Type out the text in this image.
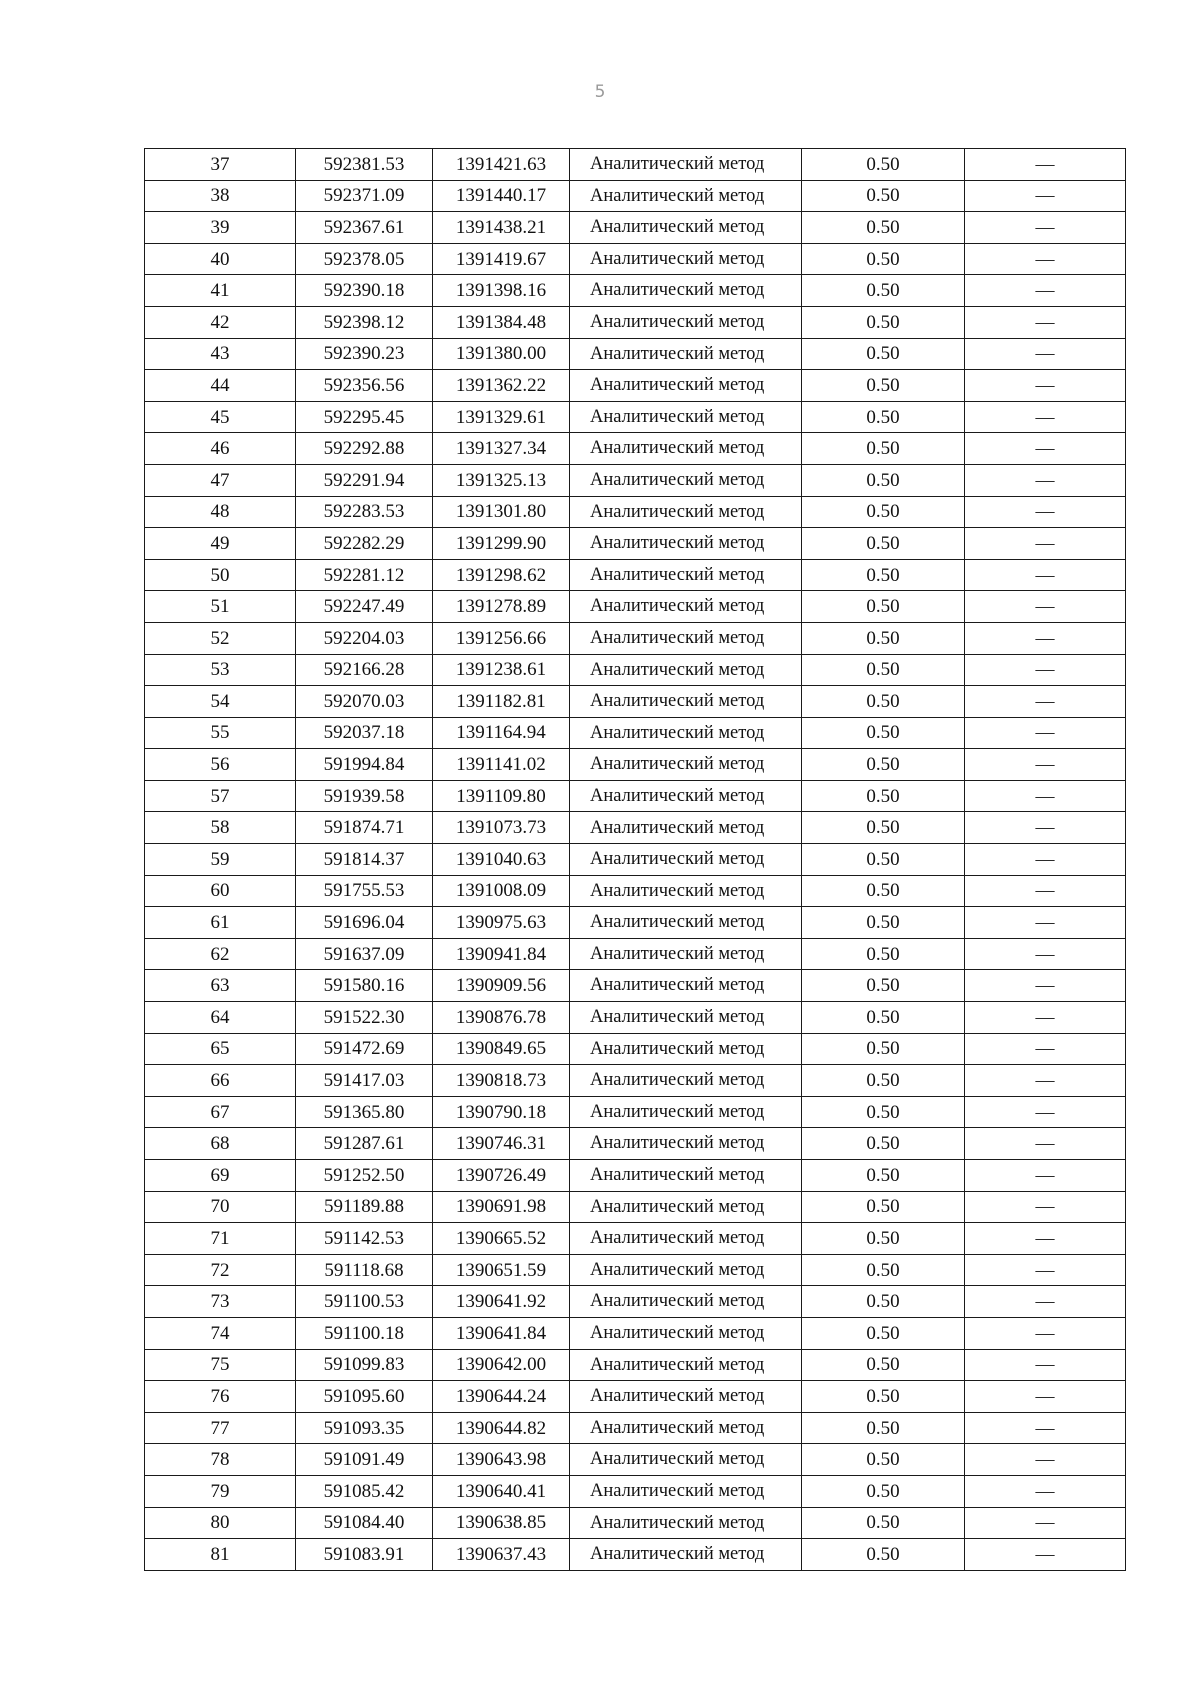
5
37	592381.53	1391421.63	Аналитический метод	0.50	—
38	592371.09	1391440.17	Аналитический метод	0.50	—
39	592367.61	1391438.21	Аналитический метод	0.50	—
40	592378.05	1391419.67	Аналитический метод	0.50	—
41	592390.18	1391398.16	Аналитический метод	0.50	—
42	592398.12	1391384.48	Аналитический метод	0.50	—
43	592390.23	1391380.00	Аналитический метод	0.50	—
44	592356.56	1391362.22	Аналитический метод	0.50	—
45	592295.45	1391329.61	Аналитический метод	0.50	—
46	592292.88	1391327.34	Аналитический метод	0.50	—
47	592291.94	1391325.13	Аналитический метод	0.50	—
48	592283.53	1391301.80	Аналитический метод	0.50	—
49	592282.29	1391299.90	Аналитический метод	0.50	—
50	592281.12	1391298.62	Аналитический метод	0.50	—
51	592247.49	1391278.89	Аналитический метод	0.50	—
52	592204.03	1391256.66	Аналитический метод	0.50	—
53	592166.28	1391238.61	Аналитический метод	0.50	—
54	592070.03	1391182.81	Аналитический метод	0.50	—
55	592037.18	1391164.94	Аналитический метод	0.50	—
56	591994.84	1391141.02	Аналитический метод	0.50	—
57	591939.58	1391109.80	Аналитический метод	0.50	—
58	591874.71	1391073.73	Аналитический метод	0.50	—
59	591814.37	1391040.63	Аналитический метод	0.50	—
60	591755.53	1391008.09	Аналитический метод	0.50	—
61	591696.04	1390975.63	Аналитический метод	0.50	—
62	591637.09	1390941.84	Аналитический метод	0.50	—
63	591580.16	1390909.56	Аналитический метод	0.50	—
64	591522.30	1390876.78	Аналитический метод	0.50	—
65	591472.69	1390849.65	Аналитический метод	0.50	—
66	591417.03	1390818.73	Аналитический метод	0.50	—
67	591365.80	1390790.18	Аналитический метод	0.50	—
68	591287.61	1390746.31	Аналитический метод	0.50	—
69	591252.50	1390726.49	Аналитический метод	0.50	—
70	591189.88	1390691.98	Аналитический метод	0.50	—
71	591142.53	1390665.52	Аналитический метод	0.50	—
72	591118.68	1390651.59	Аналитический метод	0.50	—
73	591100.53	1390641.92	Аналитический метод	0.50	—
74	591100.18	1390641.84	Аналитический метод	0.50	—
75	591099.83	1390642.00	Аналитический метод	0.50	—
76	591095.60	1390644.24	Аналитический метод	0.50	—
77	591093.35	1390644.82	Аналитический метод	0.50	—
78	591091.49	1390643.98	Аналитический метод	0.50	—
79	591085.42	1390640.41	Аналитический метод	0.50	—
80	591084.40	1390638.85	Аналитический метод	0.50	—
81	591083.91	1390637.43	Аналитический метод	0.50	—
